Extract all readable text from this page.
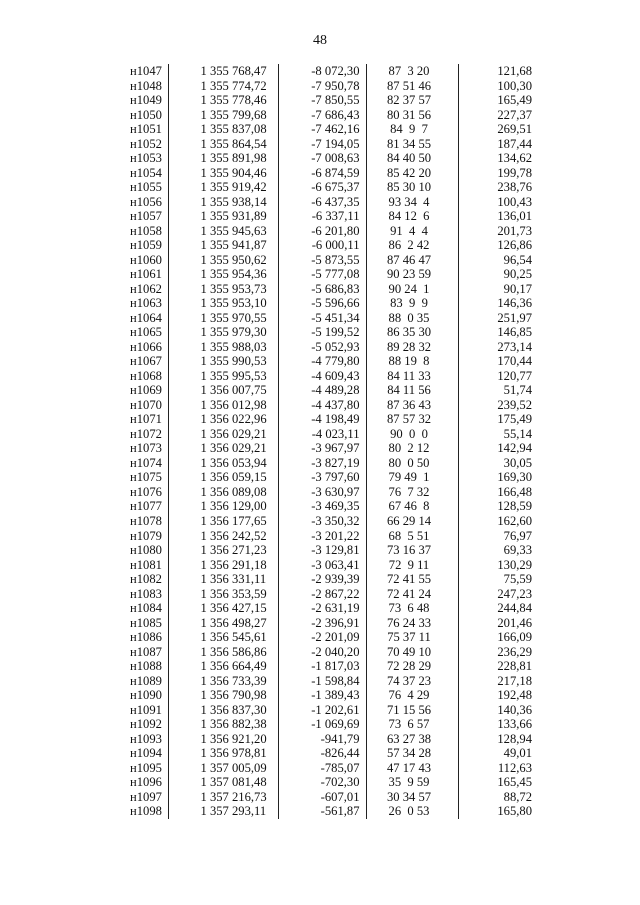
48
н1047	1 355 768,47	-8 072,30	87  3 20	121,68
н1048	1 355 774,72	-7 950,78	87 51 46	100,30
н1049	1 355 778,46	-7 850,55	82 37 57	165,49
н1050	1 355 799,68	-7 686,43	80 31 56	227,37
н1051	1 355 837,08	-7 462,16	84  9  7	269,51
н1052	1 355 864,54	-7 194,05	81 34 55	187,44
н1053	1 355 891,98	-7 008,63	84 40 50	134,62
н1054	1 355 904,46	-6 874,59	85 42 20	199,78
н1055	1 355 919,42	-6 675,37	85 30 10	238,76
н1056	1 355 938,14	-6 437,35	93 34  4	100,43
н1057	1 355 931,89	-6 337,11	84 12  6	136,01
н1058	1 355 945,63	-6 201,80	91  4  4	201,73
н1059	1 355 941,87	-6 000,11	86  2 42	126,86
н1060	1 355 950,62	-5 873,55	87 46 47	96,54
н1061	1 355 954,36	-5 777,08	90 23 59	90,25
н1062	1 355 953,73	-5 686,83	90 24  1	90,17
н1063	1 355 953,10	-5 596,66	83  9  9	146,36
н1064	1 355 970,55	-5 451,34	88  0 35	251,97
н1065	1 355 979,30	-5 199,52	86 35 30	146,85
н1066	1 355 988,03	-5 052,93	89 28 32	273,14
н1067	1 355 990,53	-4 779,80	88 19  8	170,44
н1068	1 355 995,53	-4 609,43	84 11 33	120,77
н1069	1 356 007,75	-4 489,28	84 11 56	51,74
н1070	1 356 012,98	-4 437,80	87 36 43	239,52
н1071	1 356 022,96	-4 198,49	87 57 32	175,49
н1072	1 356 029,21	-4 023,11	90  0  0	55,14
н1073	1 356 029,21	-3 967,97	80  2 12	142,94
н1074	1 356 053,94	-3 827,19	80  0 50	30,05
н1075	1 356 059,15	-3 797,60	79 49  1	169,30
н1076	1 356 089,08	-3 630,97	76  7 32	166,48
н1077	1 356 129,00	-3 469,35	67 46  8	128,59
н1078	1 356 177,65	-3 350,32	66 29 14	162,60
н1079	1 356 242,52	-3 201,22	68  5 51	76,97
н1080	1 356 271,23	-3 129,81	73 16 37	69,33
н1081	1 356 291,18	-3 063,41	72  9 11	130,29
н1082	1 356 331,11	-2 939,39	72 41 55	75,59
н1083	1 356 353,59	-2 867,22	72 41 24	247,23
н1084	1 356 427,15	-2 631,19	73  6 48	244,84
н1085	1 356 498,27	-2 396,91	76 24 33	201,46
н1086	1 356 545,61	-2 201,09	75 37 11	166,09
н1087	1 356 586,86	-2 040,20	70 49 10	236,29
н1088	1 356 664,49	-1 817,03	72 28 29	228,81
н1089	1 356 733,39	-1 598,84	74 37 23	217,18
н1090	1 356 790,98	-1 389,43	76  4 29	192,48
н1091	1 356 837,30	-1 202,61	71 15 56	140,36
н1092	1 356 882,38	-1 069,69	73  6 57	133,66
н1093	1 356 921,20	-941,79	63 27 38	128,94
н1094	1 356 978,81	-826,44	57 34 28	49,01
н1095	1 357 005,09	-785,07	47 17 43	112,63
н1096	1 357 081,48	-702,30	35  9 59	165,45
н1097	1 357 216,73	-607,01	30 34 57	88,72
н1098	1 357 293,11	-561,87	26  0 53	165,80
